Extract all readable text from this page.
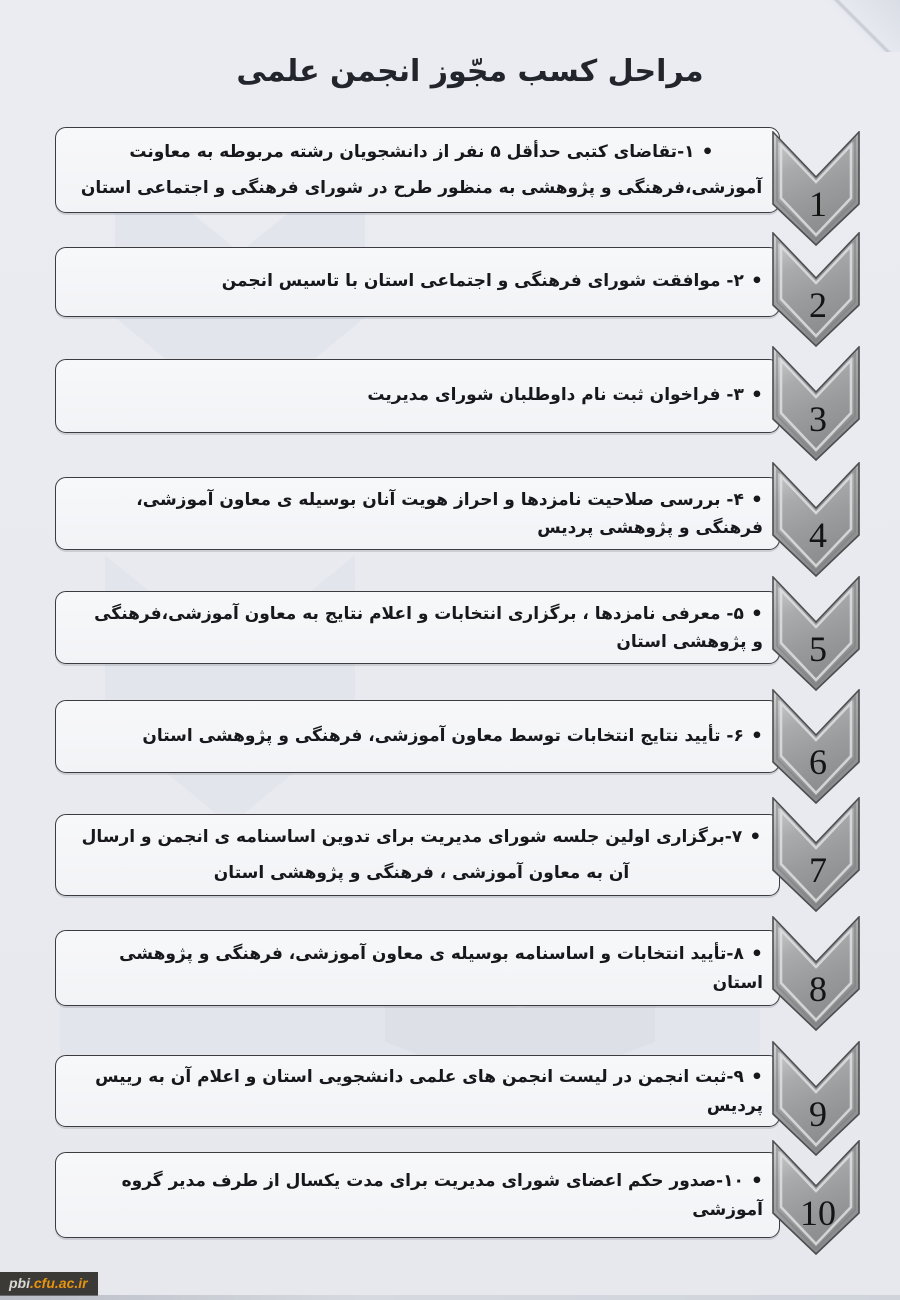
مراحل کسب مجّوز انجمن علمی
•۱-تقاضای کتبی حدأقل ۵ نفر از دانشجویان رشته مربوطه به معاونت آموزشی،فرهنگی و پژوهشی به منظور طرح در شورای فرهنگی و اجتماعی استان 1
•۲- موافقت شورای فرهنگی و اجتماعی استان با تاسیس انجمن
2
•۳- فراخوان ثبت نام داوطلبان شورای مدیریت
3
•۴- بررسی صلاحیت نامزدها و احراز هویت آنان بوسیله ی معاون آموزشی، فرهنگی و پژوهشی پردیس 4
•۵- معرفی نامزدها ، برگزاری انتخابات و اعلام نتایج به معاون آموزشی،فرهنگی و پژوهشی استان 5
•۶- تأیید نتایج انتخابات توسط معاون آموزشی، فرهنگی و پژوهشی استان
6
•۷-برگزاری اولین جلسه شورای مدیریت برای تدوین اساسنامه ی انجمن و ارسال آن به معاون آموزشی ، فرهنگی و پژوهشی استان	7
•۸-تأیید انتخابات و اساسنامه بوسیله ی معاون آموزشی، فرهنگی و پژوهشی استان 8
•۹-ثبت انجمن در لیست انجمن های علمی دانشجویی استان و اعلام آن به رییس پردیس 9
•۱۰-صدور حکم اعضای شورای مدیریت برای مدت یکسال از طرف مدیر گروه آموزشی 10
pbi.cfu.ac.ir
